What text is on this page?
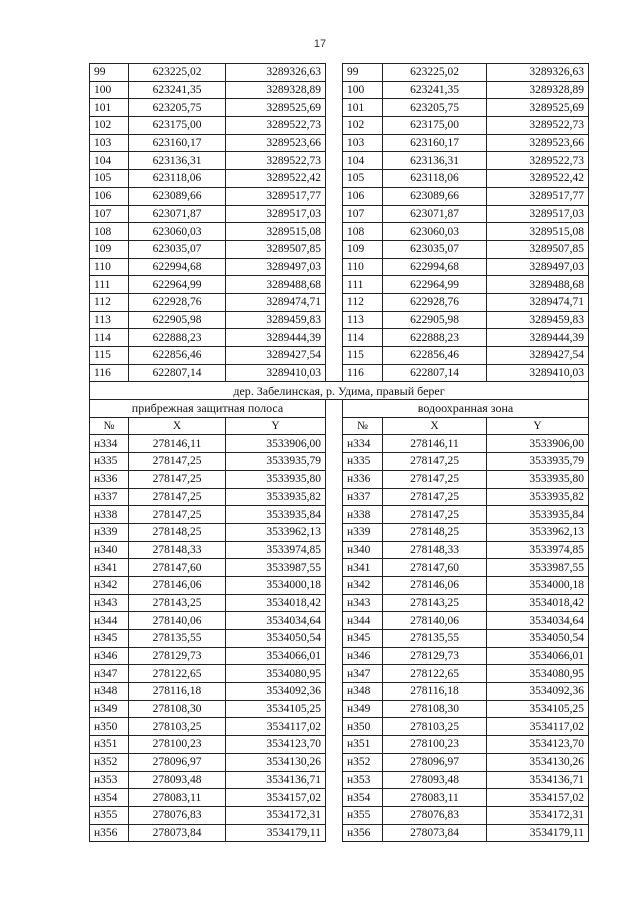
17
99	623225,02	3289326,63		99	623225,02	3289326,63
100	623241,35	3289328,89		100	623241,35	3289328,89
101	623205,75	3289525,69		101	623205,75	3289525,69
102	623175,00	3289522,73		102	623175,00	3289522,73
103	623160,17	3289523,66		103	623160,17	3289523,66
104	623136,31	3289522,73		104	623136,31	3289522,73
105	623118,06	3289522,42		105	623118,06	3289522,42
106	623089,66	3289517,77		106	623089,66	3289517,77
107	623071,87	3289517,03		107	623071,87	3289517,03
108	623060,03	3289515,08		108	623060,03	3289515,08
109	623035,07	3289507,85		109	623035,07	3289507,85
110	622994,68	3289497,03		110	622994,68	3289497,03
111	622964,99	3289488,68		111	622964,99	3289488,68
112	622928,76	3289474,71		112	622928,76	3289474,71
113	622905,98	3289459,83		113	622905,98	3289459,83
114	622888,23	3289444,39		114	622888,23	3289444,39
115	622856,46	3289427,54		115	622856,46	3289427,54
116	622807,14	3289410,03		116	622807,14	3289410,03
дер. Забелинская, р. Удима, правый берег						
прибрежная защитная полоса				водоохранная зона		
№	X	Y		№	X	Y
н334	278146,11	3533906,00		н334	278146,11	3533906,00
н335	278147,25	3533935,79		н335	278147,25	3533935,79
н336	278147,25	3533935,80		н336	278147,25	3533935,80
н337	278147,25	3533935,82		н337	278147,25	3533935,82
н338	278147,25	3533935,84		н338	278147,25	3533935,84
н339	278148,25	3533962,13		н339	278148,25	3533962,13
н340	278148,33	3533974,85		н340	278148,33	3533974,85
н341	278147,60	3533987,55		н341	278147,60	3533987,55
н342	278146,06	3534000,18		н342	278146,06	3534000,18
н343	278143,25	3534018,42		н343	278143,25	3534018,42
н344	278140,06	3534034,64		н344	278140,06	3534034,64
н345	278135,55	3534050,54		н345	278135,55	3534050,54
н346	278129,73	3534066,01		н346	278129,73	3534066,01
н347	278122,65	3534080,95		н347	278122,65	3534080,95
н348	278116,18	3534092,36		н348	278116,18	3534092,36
н349	278108,30	3534105,25		н349	278108,30	3534105,25
н350	278103,25	3534117,02		н350	278103,25	3534117,02
н351	278100,23	3534123,70		н351	278100,23	3534123,70
н352	278096,97	3534130,26		н352	278096,97	3534130,26
н353	278093,48	3534136,71		н353	278093,48	3534136,71
н354	278083,11	3534157,02		н354	278083,11	3534157,02
н355	278076,83	3534172,31		н355	278076,83	3534172,31
н356	278073,84	3534179,11		н356	278073,84	3534179,11
